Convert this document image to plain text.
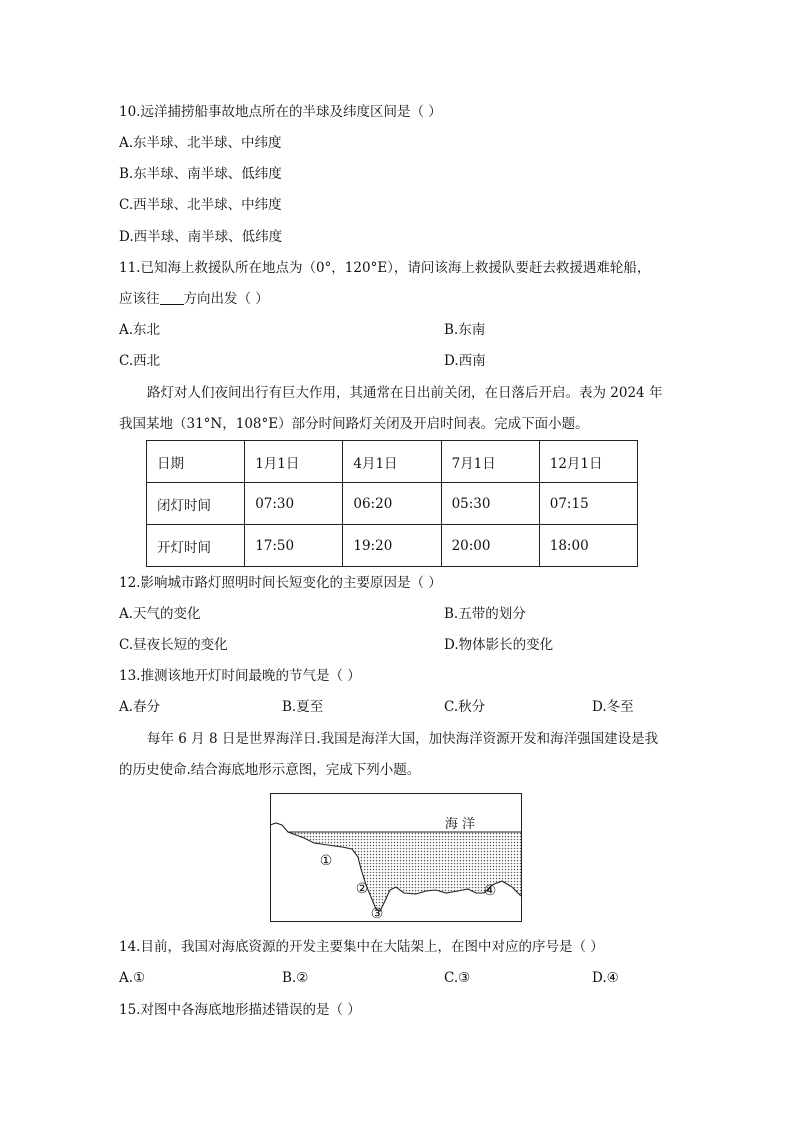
10.远洋捕捞船事故地点所在的半球及纬度区间是（ ）
A.东半球、北半球、中纬度
B.东半球、南半球、低纬度
C.西半球、北半球、中纬度
D.西半球、南半球、低纬度
11.已知海上救援队所在地点为（0°，120°E），请问该海上救援队要赶去救援遇难轮船，
应该往 方向出发（ ）
A.东北	B.东南
C.西北	D.西南
路灯对人们夜间出行有巨大作用，其通常在日出前关闭，在日落后开启。表为 2024 年
我国某地（31°N，108°E）部分时间路灯关闭及开启时间表。完成下面小题。
日期	1月1日	4月1日	7月1日	12月1日
闭灯时间	07:30	06:20	05:30	07:15
开灯时间	17:50	19:20	20:00	18:00
12.影响城市路灯照明时间长短变化的主要原因是（ ）
A.天气的变化	B.五带的划分
C.昼夜长短的变化	D.物体影长的变化
13.推测该地开灯时间最晚的节气是（ ）
A.春分	B.夏至	C.秋分	D.冬至
每年 6 月 8 日是世界海洋日.我国是海洋大国，加快海洋资源开发和海洋强国建设是我
的历史使命.结合海底地形示意图，完成下列小题。
海 洋
①
②
③
④
14.目前，我国对海底资源的开发主要集中在大陆架上，在图中对应的序号是（ ）
A.①	B.②	C.③	D.④
15.对图中各海底地形描述错误的是（ ）
